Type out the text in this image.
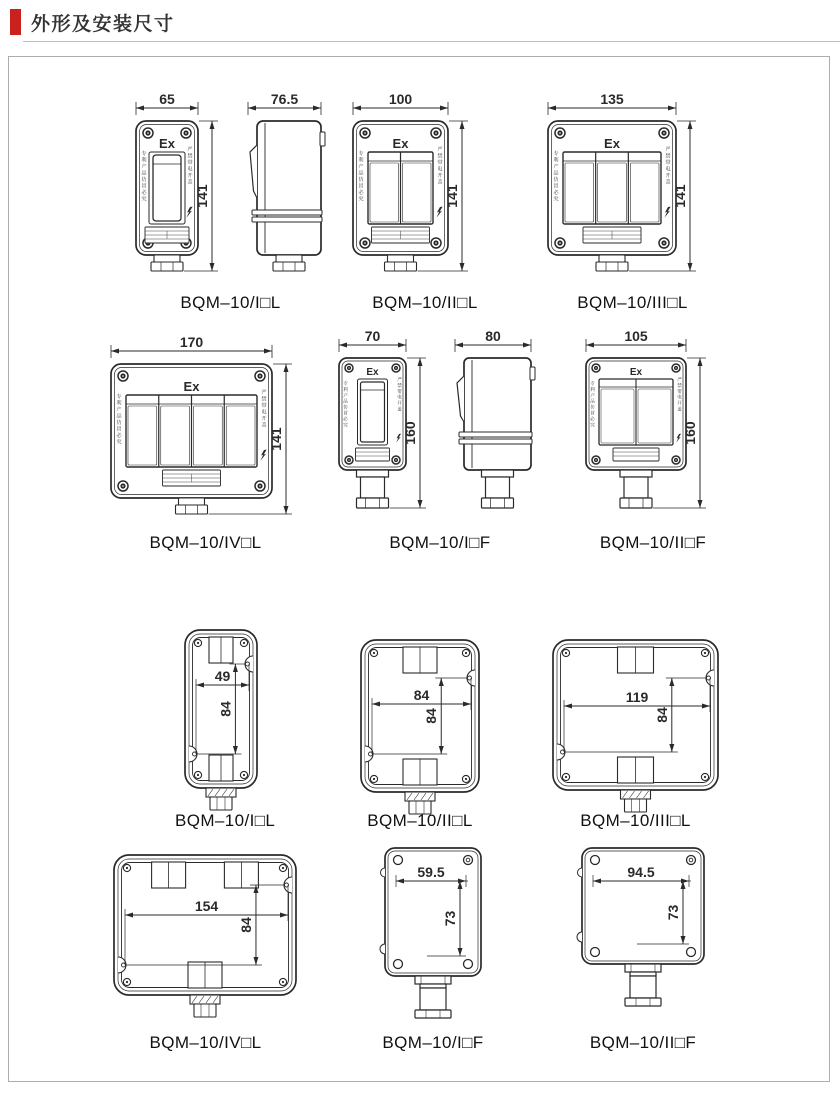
外形及安装尺寸
65
Ex
专利产品仿冒必究
严禁带电开盖
141
76.5
BQM–10/I□L
100
Ex
专利产品仿冒必究
严禁带电开盖
141
BQM–10/II□L
135
Ex
专利产品仿冒必究
严禁带电开盖
141
BQM–10/III□L
170
Ex
专利产品仿冒必究
严禁带电开盖
141
BQM–10/IV□L
70
Ex
专利产品仿冒必究
严禁带电开盖
160
80
BQM–10/I□F
105
Ex
专利产品仿冒必究
严禁带电开盖
160
BQM–10/II□F
49
84
BQM–10/I□L
84
84
BQM–10/II□L
119
84
BQM–10/III□L
154
84
BQM–10/IV□L
59.5
73
BQM–10/I□F
94.5
73
BQM–10/II□F
